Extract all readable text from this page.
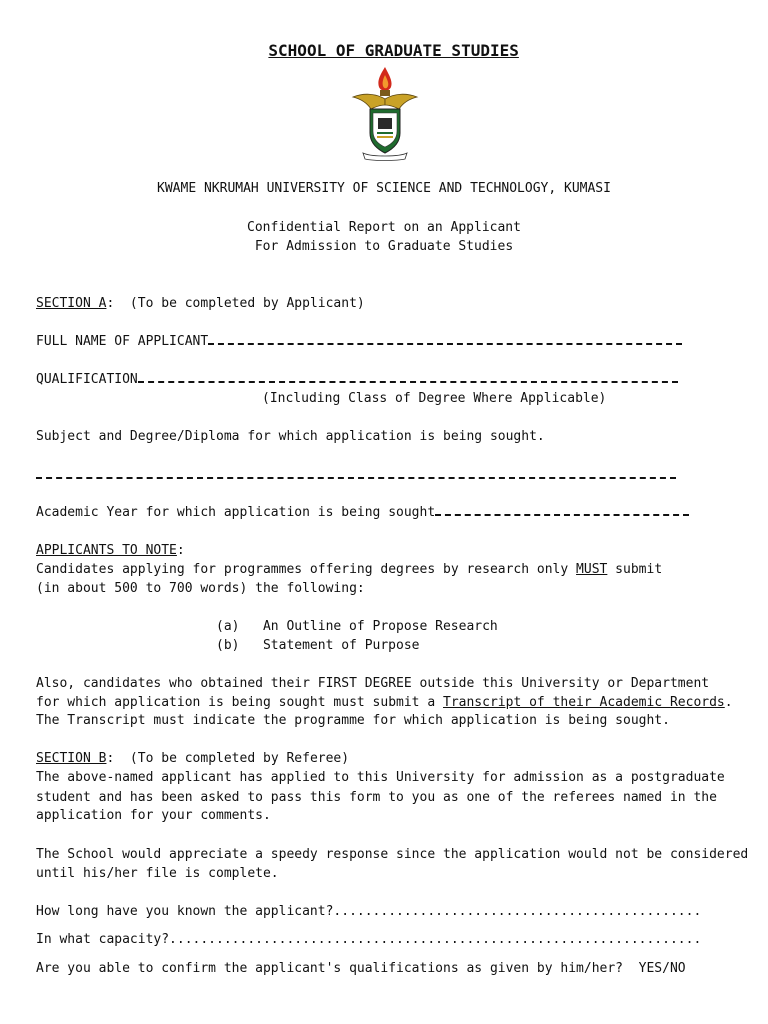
SCHOOL OF GRADUATE STUDIES

KWAME NKRUMAH UNIVERSITY OF SCIENCE AND TECHNOLOGY, KUMASI
Confidential Report on an Applicant
For Admission to Graduate Studies
SECTION A:  (To be completed by Applicant)
FULL NAME OF APPLICANT
QUALIFICATION
(Including Class of Degree Where Applicable)
Subject and Degree/Diploma for which application is being sought.
Academic Year for which application is being sought
APPLICANTS TO NOTE:
Candidates applying for programmes offering degrees by research only MUST submit
(in about 500 to 700 words) the following:
(a)   An Outline of Propose Research
(b)   Statement of Purpose
Also, candidates who obtained their FIRST DEGREE outside this University or Department
for which application is being sought must submit a Transcript of their Academic Records.
The Transcript must indicate the programme for which application is being sought.
SECTION B:  (To be completed by Referee)
The above-named applicant has applied to this University for admission as a postgraduate
student and has been asked to pass this form to you as one of the referees named in the
application for your comments.
The School would appreciate a speedy response since the application would not be considered
until his/her file is complete.
How long have you known the applicant?...............................................
In what capacity?....................................................................
Are you able to confirm the applicant's qualifications as given by him/her?  YES/NO
